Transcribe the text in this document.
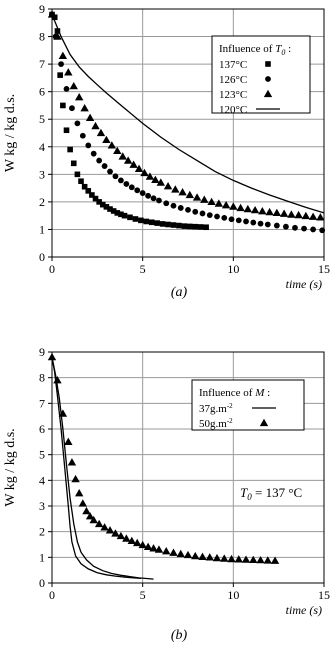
(a)
(b)
0
1
2
3
4
5
6
7
8
9
0	5	10	15
time (s)
W kg / kg d.s.
Influence of $T_0$ :
137°C
126°C
123°C
120°C
0
1
2
3
4
5
6
7
8
9
0	5	10	15
time (s)
W kg / kg d.s.
Influence of M :
$37g.m^{-2}$
$50g.m^{-2}$
$T_0 = 137$ °C
